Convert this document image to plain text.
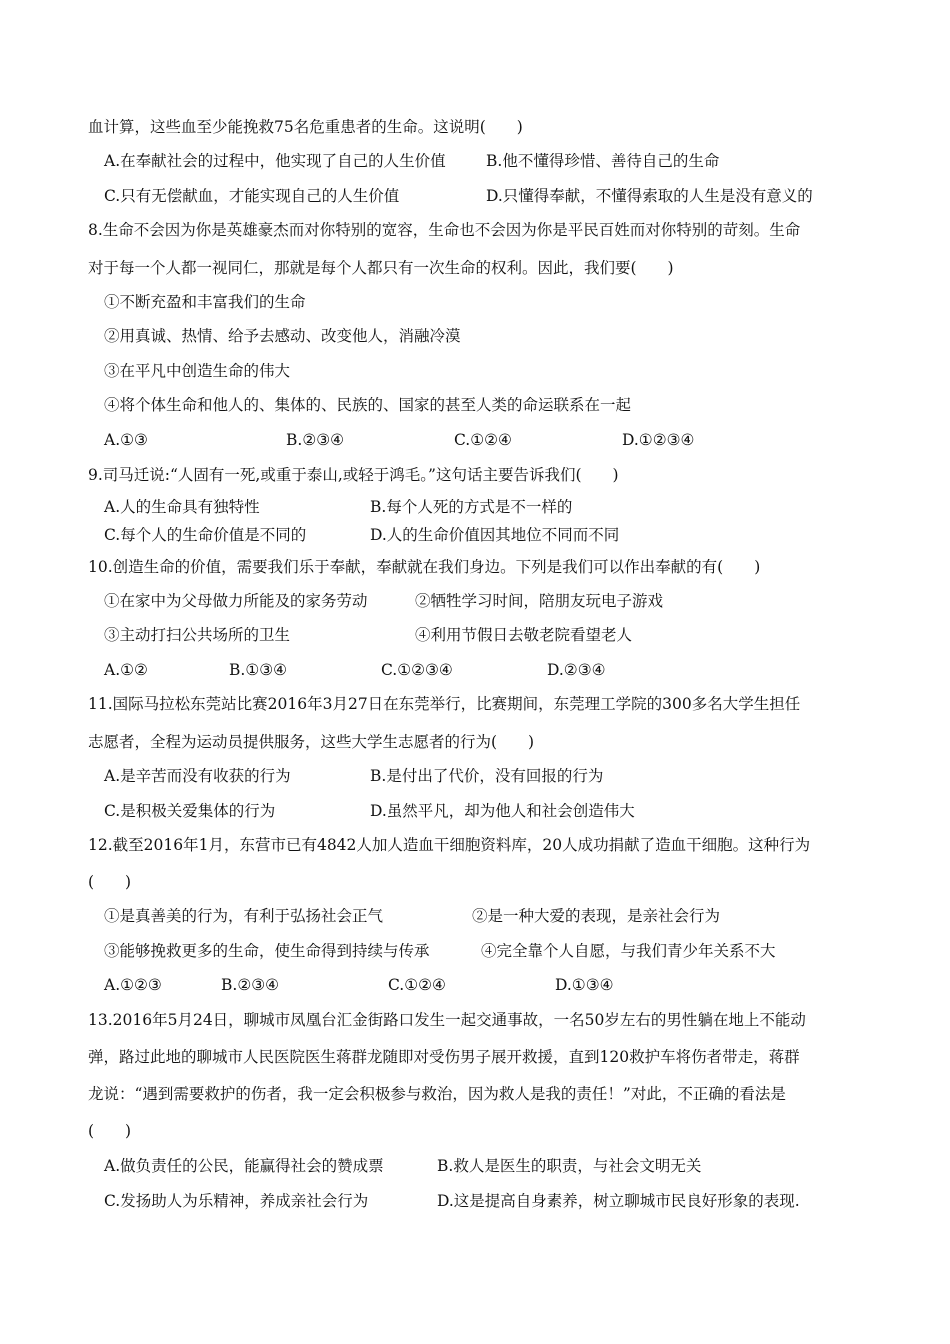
血计算，这些血至少能挽救75名危重患者的生命。这说明(　　)
A.在奉献社会的过程中，他实现了自己的人生价值	B.他不懂得珍惜、善待自己的生命
C.只有无偿献血，才能实现自己的人生价值	D.只懂得奉献，不懂得索取的人生是没有意义的
8.生命不会因为你是英雄豪杰而对你特别的宽容，生命也不会因为你是平民百姓而对你特别的苛刻。生命
对于每一个人都一视同仁，那就是每个人都只有一次生命的权利。因此，我们要(　　)
①不断充盈和丰富我们的生命
②用真诚、热情、给予去感动、改变他人，消融冷漠
③在平凡中创造生命的伟大
④将个体生命和他人的、集体的、民族的、国家的甚至人类的命运联系在一起
A.①③	B.②③④	C.①②④	D.①②③④
9.司马迁说:“人固有一死,或重于泰山,或轻于鸿毛。”这句话主要告诉我们(　　)
A.人的生命具有独特性	B.每个人死的方式是不一样的
C.每个人的生命价值是不同的	D.人的生命价值因其地位不同而不同
10.创造生命的价值，需要我们乐于奉献，奉献就在我们身边。下列是我们可以作出奉献的有(　　)
①在家中为父母做力所能及的家务劳动	②牺牲学习时间，陪朋友玩电子游戏
③主动打扫公共场所的卫生	④利用节假日去敬老院看望老人
A.①②	B.①③④	C.①②③④	D.②③④
11.国际马拉松东莞站比赛2016年3月27日在东莞举行，比赛期间，东莞理工学院的300多名大学生担任
志愿者，全程为运动员提供服务，这些大学生志愿者的行为(　　)
A.是辛苦而没有收获的行为	B.是付出了代价，没有回报的行为
C.是积极关爱集体的行为	D.虽然平凡，却为他人和社会创造伟大
12.截至2016年1月，东营市已有4842人加人造血干细胞资料库，20人成功捐献了造血干细胞。这种行为
(　　)
①是真善美的行为，有利于弘扬社会正气	②是一种大爱的表现，是亲社会行为
③能够挽救更多的生命，使生命得到持续与传承	④完全靠个人自愿，与我们青少年关系不大
A.①②③	B.②③④	C.①②④	D.①③④
13.2016年5月24日，聊城市凤凰台汇金街路口发生一起交通事故，一名50岁左右的男性躺在地上不能动
弹，路过此地的聊城市人民医院医生蒋群龙随即对受伤男子展开救援，直到120救护车将伤者带走，蒋群
龙说：“遇到需要救护的伤者，我一定会积极参与救治，因为救人是我的责任！”对此，不正确的看法是
(　　)
A.做负责任的公民，能赢得社会的赞成票	B.救人是医生的职责，与社会文明无关
C.发扬助人为乐精神，养成亲社会行为	D.这是提高自身素养，树立聊城市民良好形象的表现.
